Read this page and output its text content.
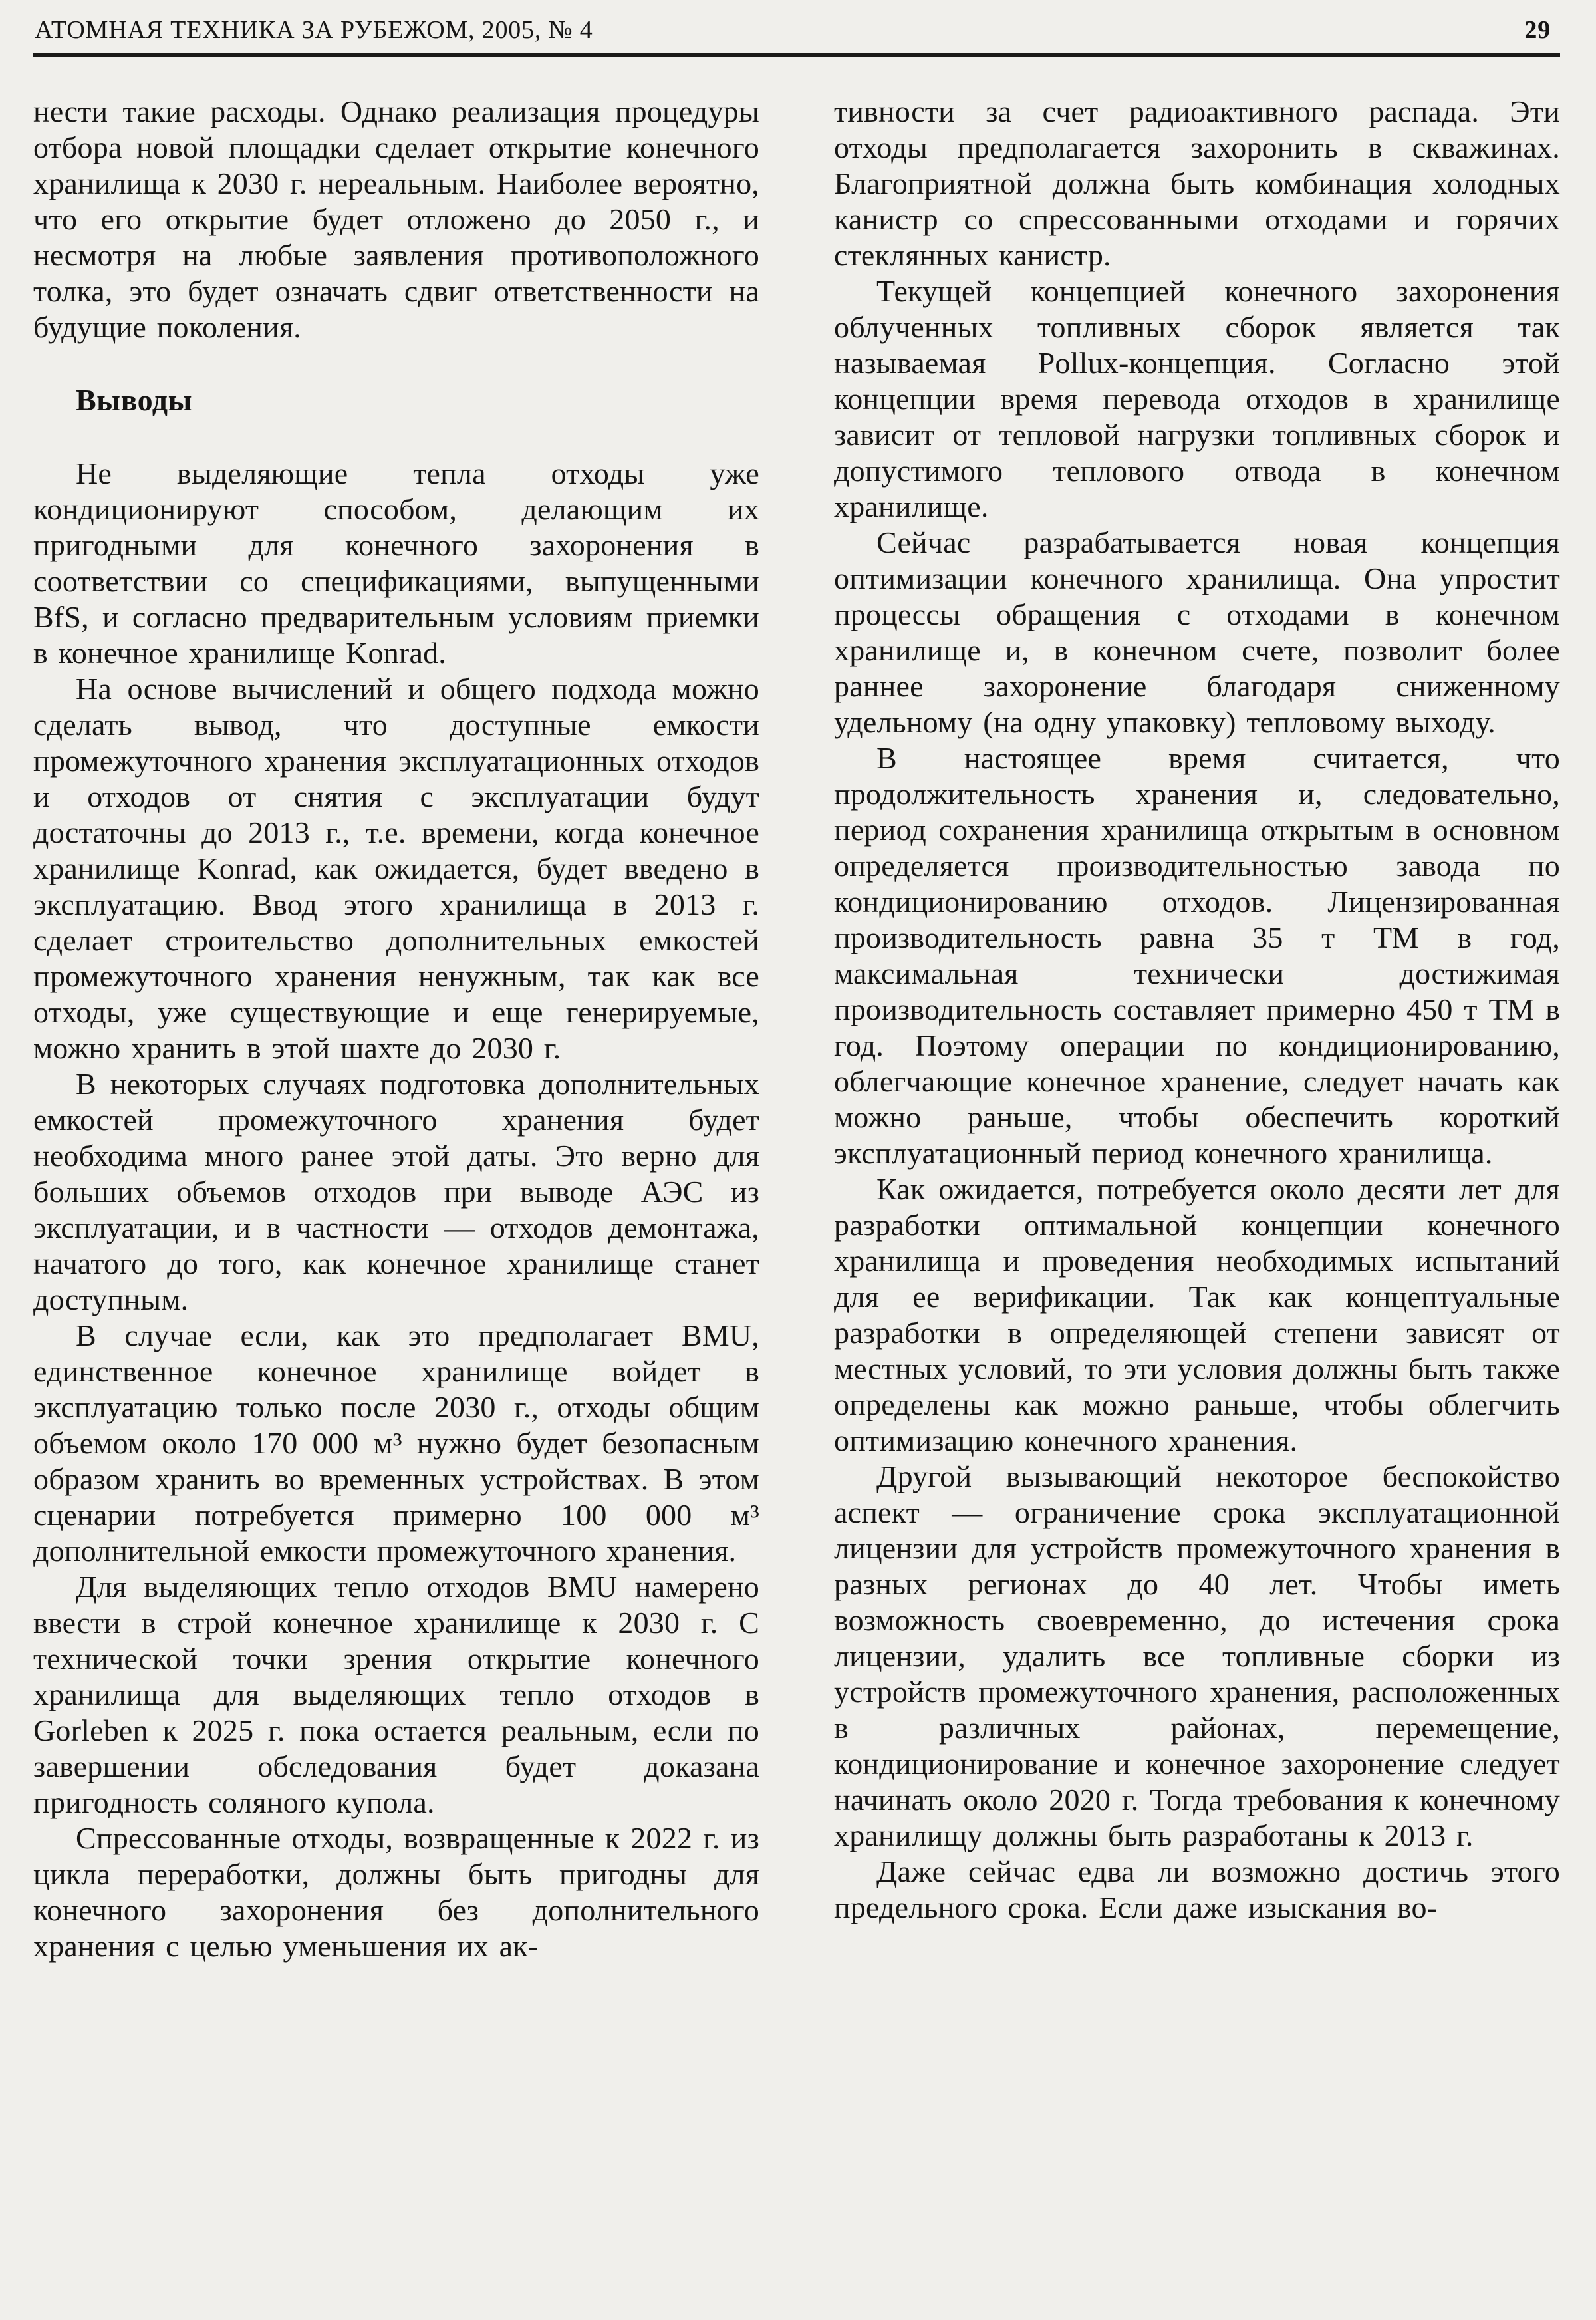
АТОМНАЯ ТЕХНИКА ЗА РУБЕЖОМ, 2005, № 4	29

нести такие расходы. Однако реализация процедуры отбора новой площадки сделает открытие конечного хранилища к 2030 г. нереальным. Наиболее вероятно, что его открытие будет отложено до 2050 г., и несмотря на любые заявления противоположного толка, это будет означать сдвиг ответственности на будущие поколения.

Выводы

Не выделяющие тепла отходы уже кондиционируют способом, делающим их пригодными для конечного захоронения в соответствии со спецификациями, выпущенными BfS, и согласно предварительным условиям приемки в конечное хранилище Konrad.

На основе вычислений и общего подхода можно сделать вывод, что доступные емкости промежуточного хранения эксплуатационных отходов и отходов от снятия с эксплуатации будут достаточны до 2013 г., т.е. времени, когда конечное хранилище Konrad, как ожидается, будет введено в эксплуатацию. Ввод этого хранилища в 2013 г. сделает строительство дополнительных емкостей промежуточного хранения ненужным, так как все отходы, уже существующие и еще генерируемые, можно хранить в этой шахте до 2030 г.

В некоторых случаях подготовка дополнительных емкостей промежуточного хранения будет необходима много ранее этой даты. Это верно для больших объемов отходов при выводе АЭС из эксплуатации, и в частности — отходов демонтажа, начатого до того, как конечное хранилище станет доступным.

В случае если, как это предполагает BMU, единственное конечное хранилище войдет в эксплуатацию только после 2030 г., отходы общим объемом около 170 000 м³ нужно будет безопасным образом хранить во временных устройствах. В этом сценарии потребуется примерно 100 000 м³ дополнительной емкости промежуточного хранения.

Для выделяющих тепло отходов BMU намерено ввести в строй конечное хранилище к 2030 г. С технической точки зрения открытие конечного хранилища для выделяющих тепло отходов в Gorleben к 2025 г. пока остается реальным, если по завершении обследования будет доказана пригодность соляного купола.

Спрессованные отходы, возвращенные к 2022 г. из цикла переработки, должны быть пригодны для конечного захоронения без дополнительного хранения с целью уменьшения их ак-

тивности за счет радиоактивного распада. Эти отходы предполагается захоронить в скважинах. Благоприятной должна быть комбинация холодных канистр со спрессованными отходами и горячих стеклянных канистр.

Текущей концепцией конечного захоронения облученных топливных сборок является так называемая Pollux-концепция. Согласно этой концепции время перевода отходов в хранилище зависит от тепловой нагрузки топливных сборок и допустимого теплового отвода в конечном хранилище.

Сейчас разрабатывается новая концепция оптимизации конечного хранилища. Она упростит процессы обращения с отходами в конечном хранилище и, в конечном счете, позволит более раннее захоронение благодаря сниженному удельному (на одну упаковку) тепловому выходу.

В настоящее время считается, что продолжительность хранения и, следовательно, период сохранения хранилища открытым в основном определяется производительностью завода по кондиционированию отходов. Лицензированная производительность равна 35 т ТМ в год, максимальная технически достижимая производительность составляет примерно 450 т ТМ в год. Поэтому операции по кондиционированию, облегчающие конечное хранение, следует начать как можно раньше, чтобы обеспечить короткий эксплуатационный период конечного хранилища.

Как ожидается, потребуется около десяти лет для разработки оптимальной концепции конечного хранилища и проведения необходимых испытаний для ее верификации. Так как концептуальные разработки в определяющей степени зависят от местных условий, то эти условия должны быть также определены как можно раньше, чтобы облегчить оптимизацию конечного хранения.

Другой вызывающий некоторое беспокойство аспект — ограничение срока эксплуатационной лицензии для устройств промежуточного хранения в разных регионах до 40 лет. Чтобы иметь возможность своевременно, до истечения срока лицензии, удалить все топливные сборки из устройств промежуточного хранения, расположенных в различных районах, перемещение, кондиционирование и конечное захоронение следует начинать около 2020 г. Тогда требования к конечному хранилищу должны быть разработаны к 2013 г.

Даже сейчас едва ли возможно достичь этого предельного срока. Если даже изыскания во-
